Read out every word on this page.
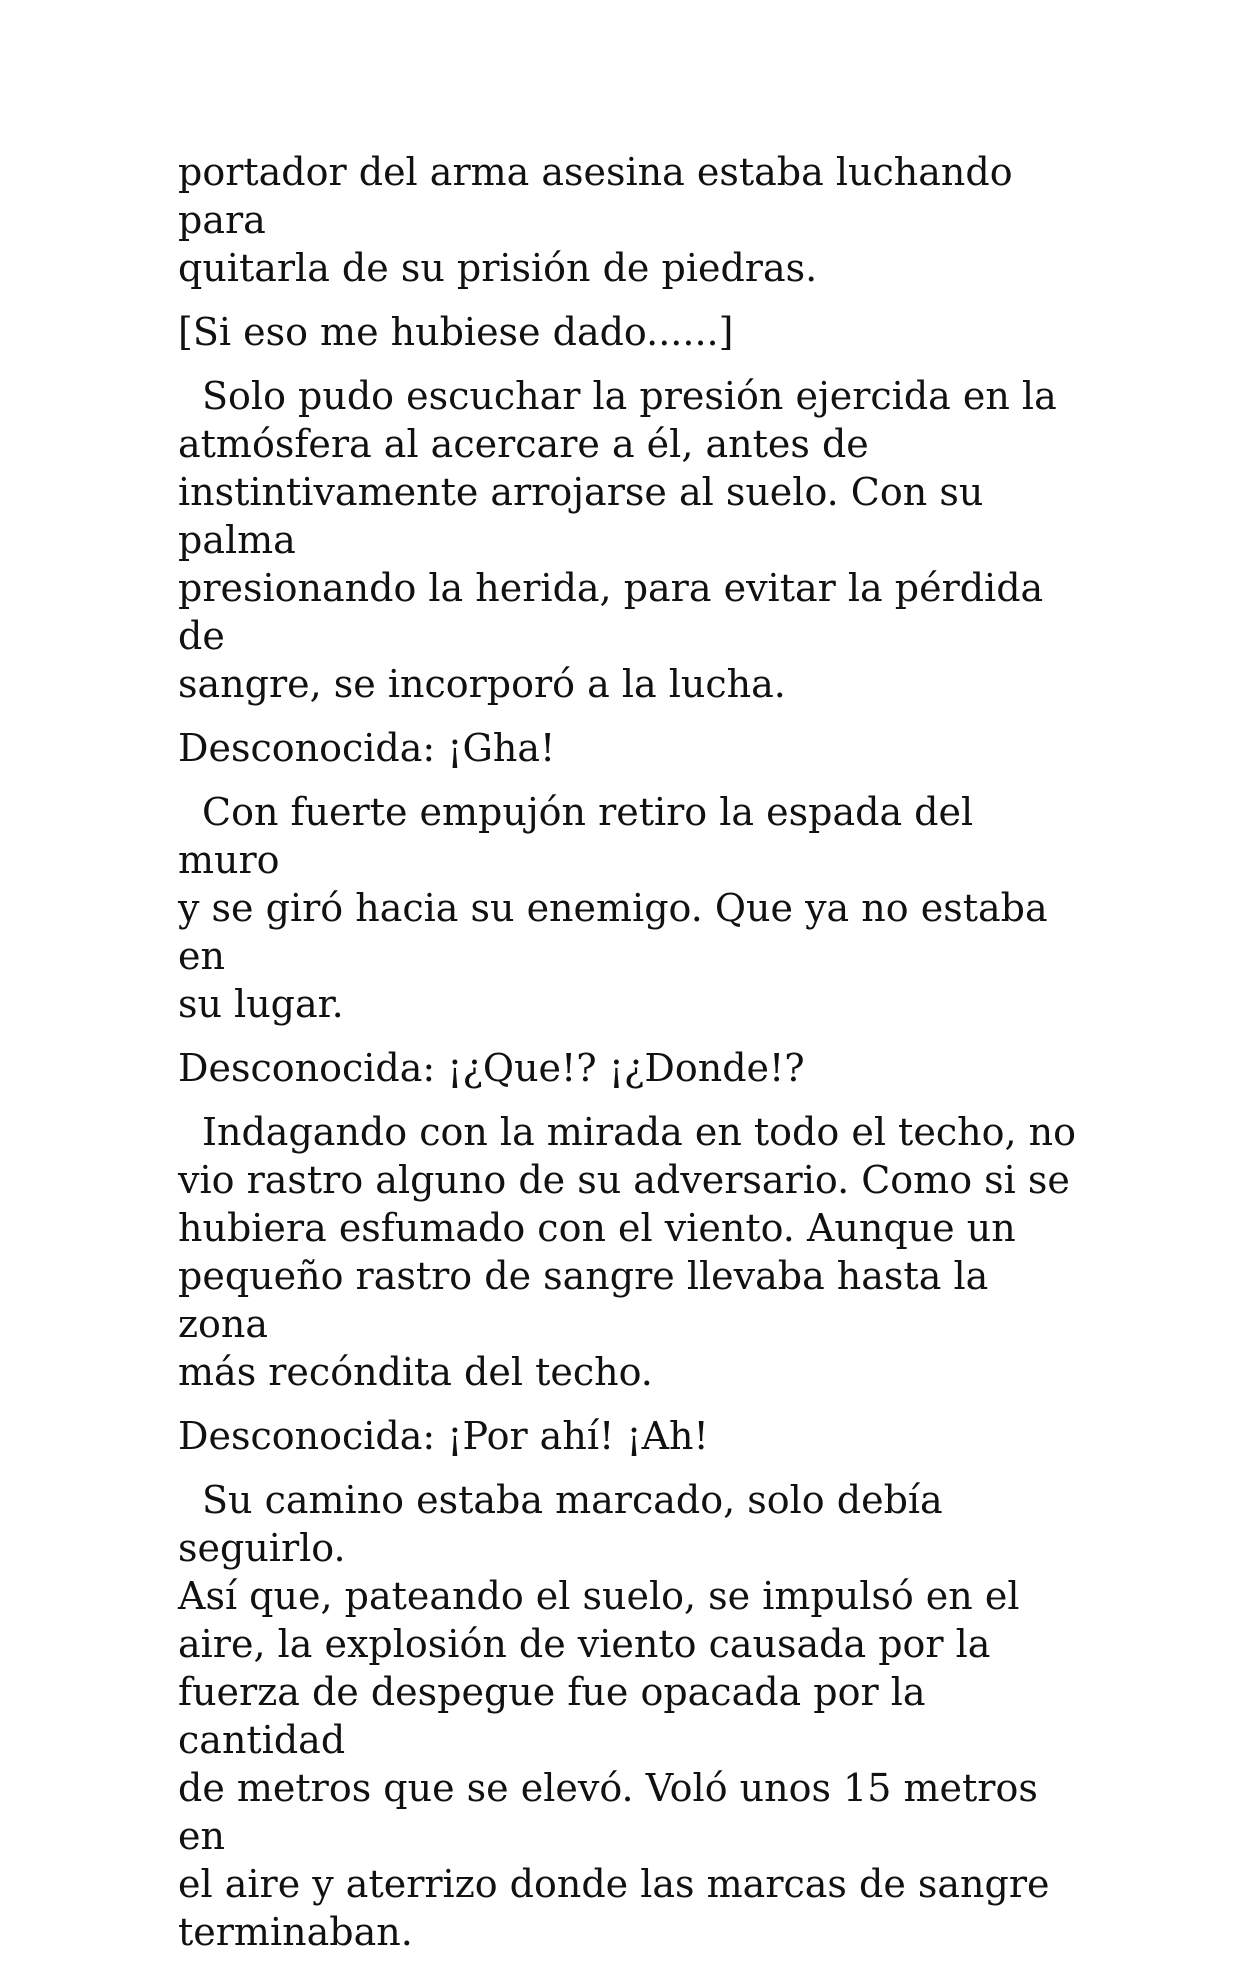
portador del arma asesina estaba luchando para
quitarla de su prisión de piedras.

[Si eso me hubiese dado......]

Solo pudo escuchar la presión ejercida en la
atmósfera al acercare a él, antes de
instintivamente arrojarse al suelo. Con su palma
presionando la herida, para evitar la pérdida de
sangre, se incorporó a la lucha.

Desconocida: ¡Gha!

Con fuerte empujón retiro la espada del muro
y se giró hacia su enemigo. Que ya no estaba en
su lugar.

Desconocida: ¡¿Que!? ¡¿Donde!?

Indagando con la mirada en todo el techo, no
vio rastro alguno de su adversario. Como si se
hubiera esfumado con el viento. Aunque un
pequeño rastro de sangre llevaba hasta la zona
más recóndita del techo.

Desconocida: ¡Por ahí! ¡Ah!

Su camino estaba marcado, solo debía seguirlo.
Así que, pateando el suelo, se impulsó en el
aire, la explosión de viento causada por la
fuerza de despegue fue opacada por la cantidad
de metros que se elevó. Voló unos 15 metros en
el aire y aterrizo donde las marcas de sangre
terminaban.
